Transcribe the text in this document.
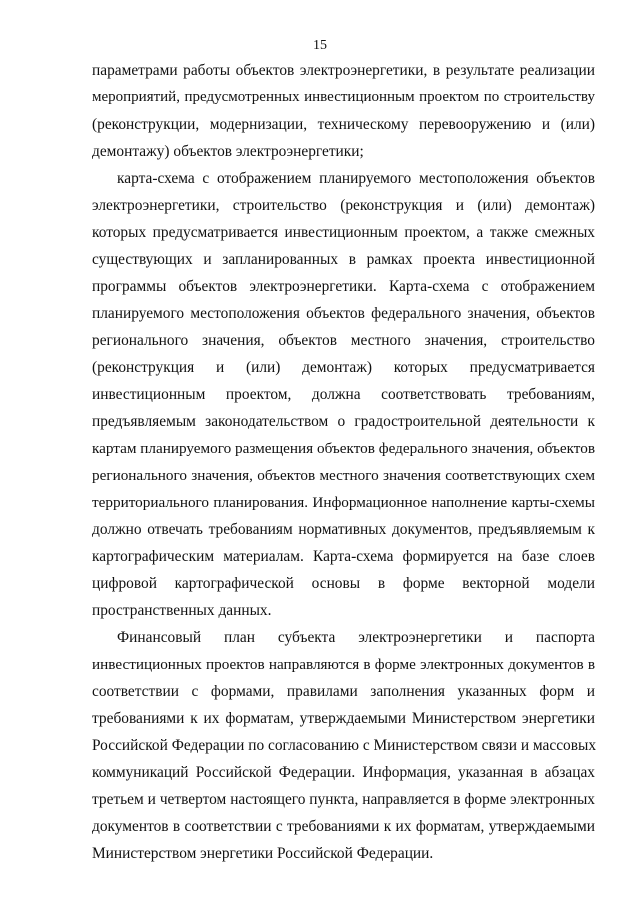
15
параметрами работы объектов электроэнергетики, в результате реализации
мероприятий, предусмотренных инвестиционным проектом по строительству
(реконструкции, модернизации, техническому перевооружению и (или)
демонтажу) объектов электроэнергетики;
карта-схема с отображением планируемого местоположения объектов
электроэнергетики, строительство (реконструкция и (или) демонтаж)
которых предусматривается инвестиционным проектом, а также смежных
существующих и запланированных в рамках проекта инвестиционной
программы объектов электроэнергетики. Карта-схема с отображением
планируемого местоположения объектов федерального значения, объектов
регионального значения, объектов местного значения, строительство
(реконструкция и (или) демонтаж) которых предусматривается
инвестиционным проектом, должна соответствовать требованиям,
предъявляемым законодательством о градостроительной деятельности к
картам планируемого размещения объектов федерального значения, объектов
регионального значения, объектов местного значения соответствующих схем
территориального планирования. Информационное наполнение карты-схемы
должно отвечать требованиям нормативных документов, предъявляемым к
картографическим материалам. Карта-схема формируется на базе слоев
цифровой картографической основы в форме векторной модели
пространственных данных.
Финансовый план субъекта электроэнергетики и паспорта
инвестиционных проектов направляются в форме электронных документов в
соответствии с формами, правилами заполнения указанных форм и
требованиями к их форматам, утверждаемыми Министерством энергетики
Российской Федерации по согласованию с Министерством связи и массовых
коммуникаций Российской Федерации. Информация, указанная в абзацах
третьем и четвертом настоящего пункта, направляется в форме электронных
документов в соответствии с требованиями к их форматам, утверждаемыми
Министерством энергетики Российской Федерации.
